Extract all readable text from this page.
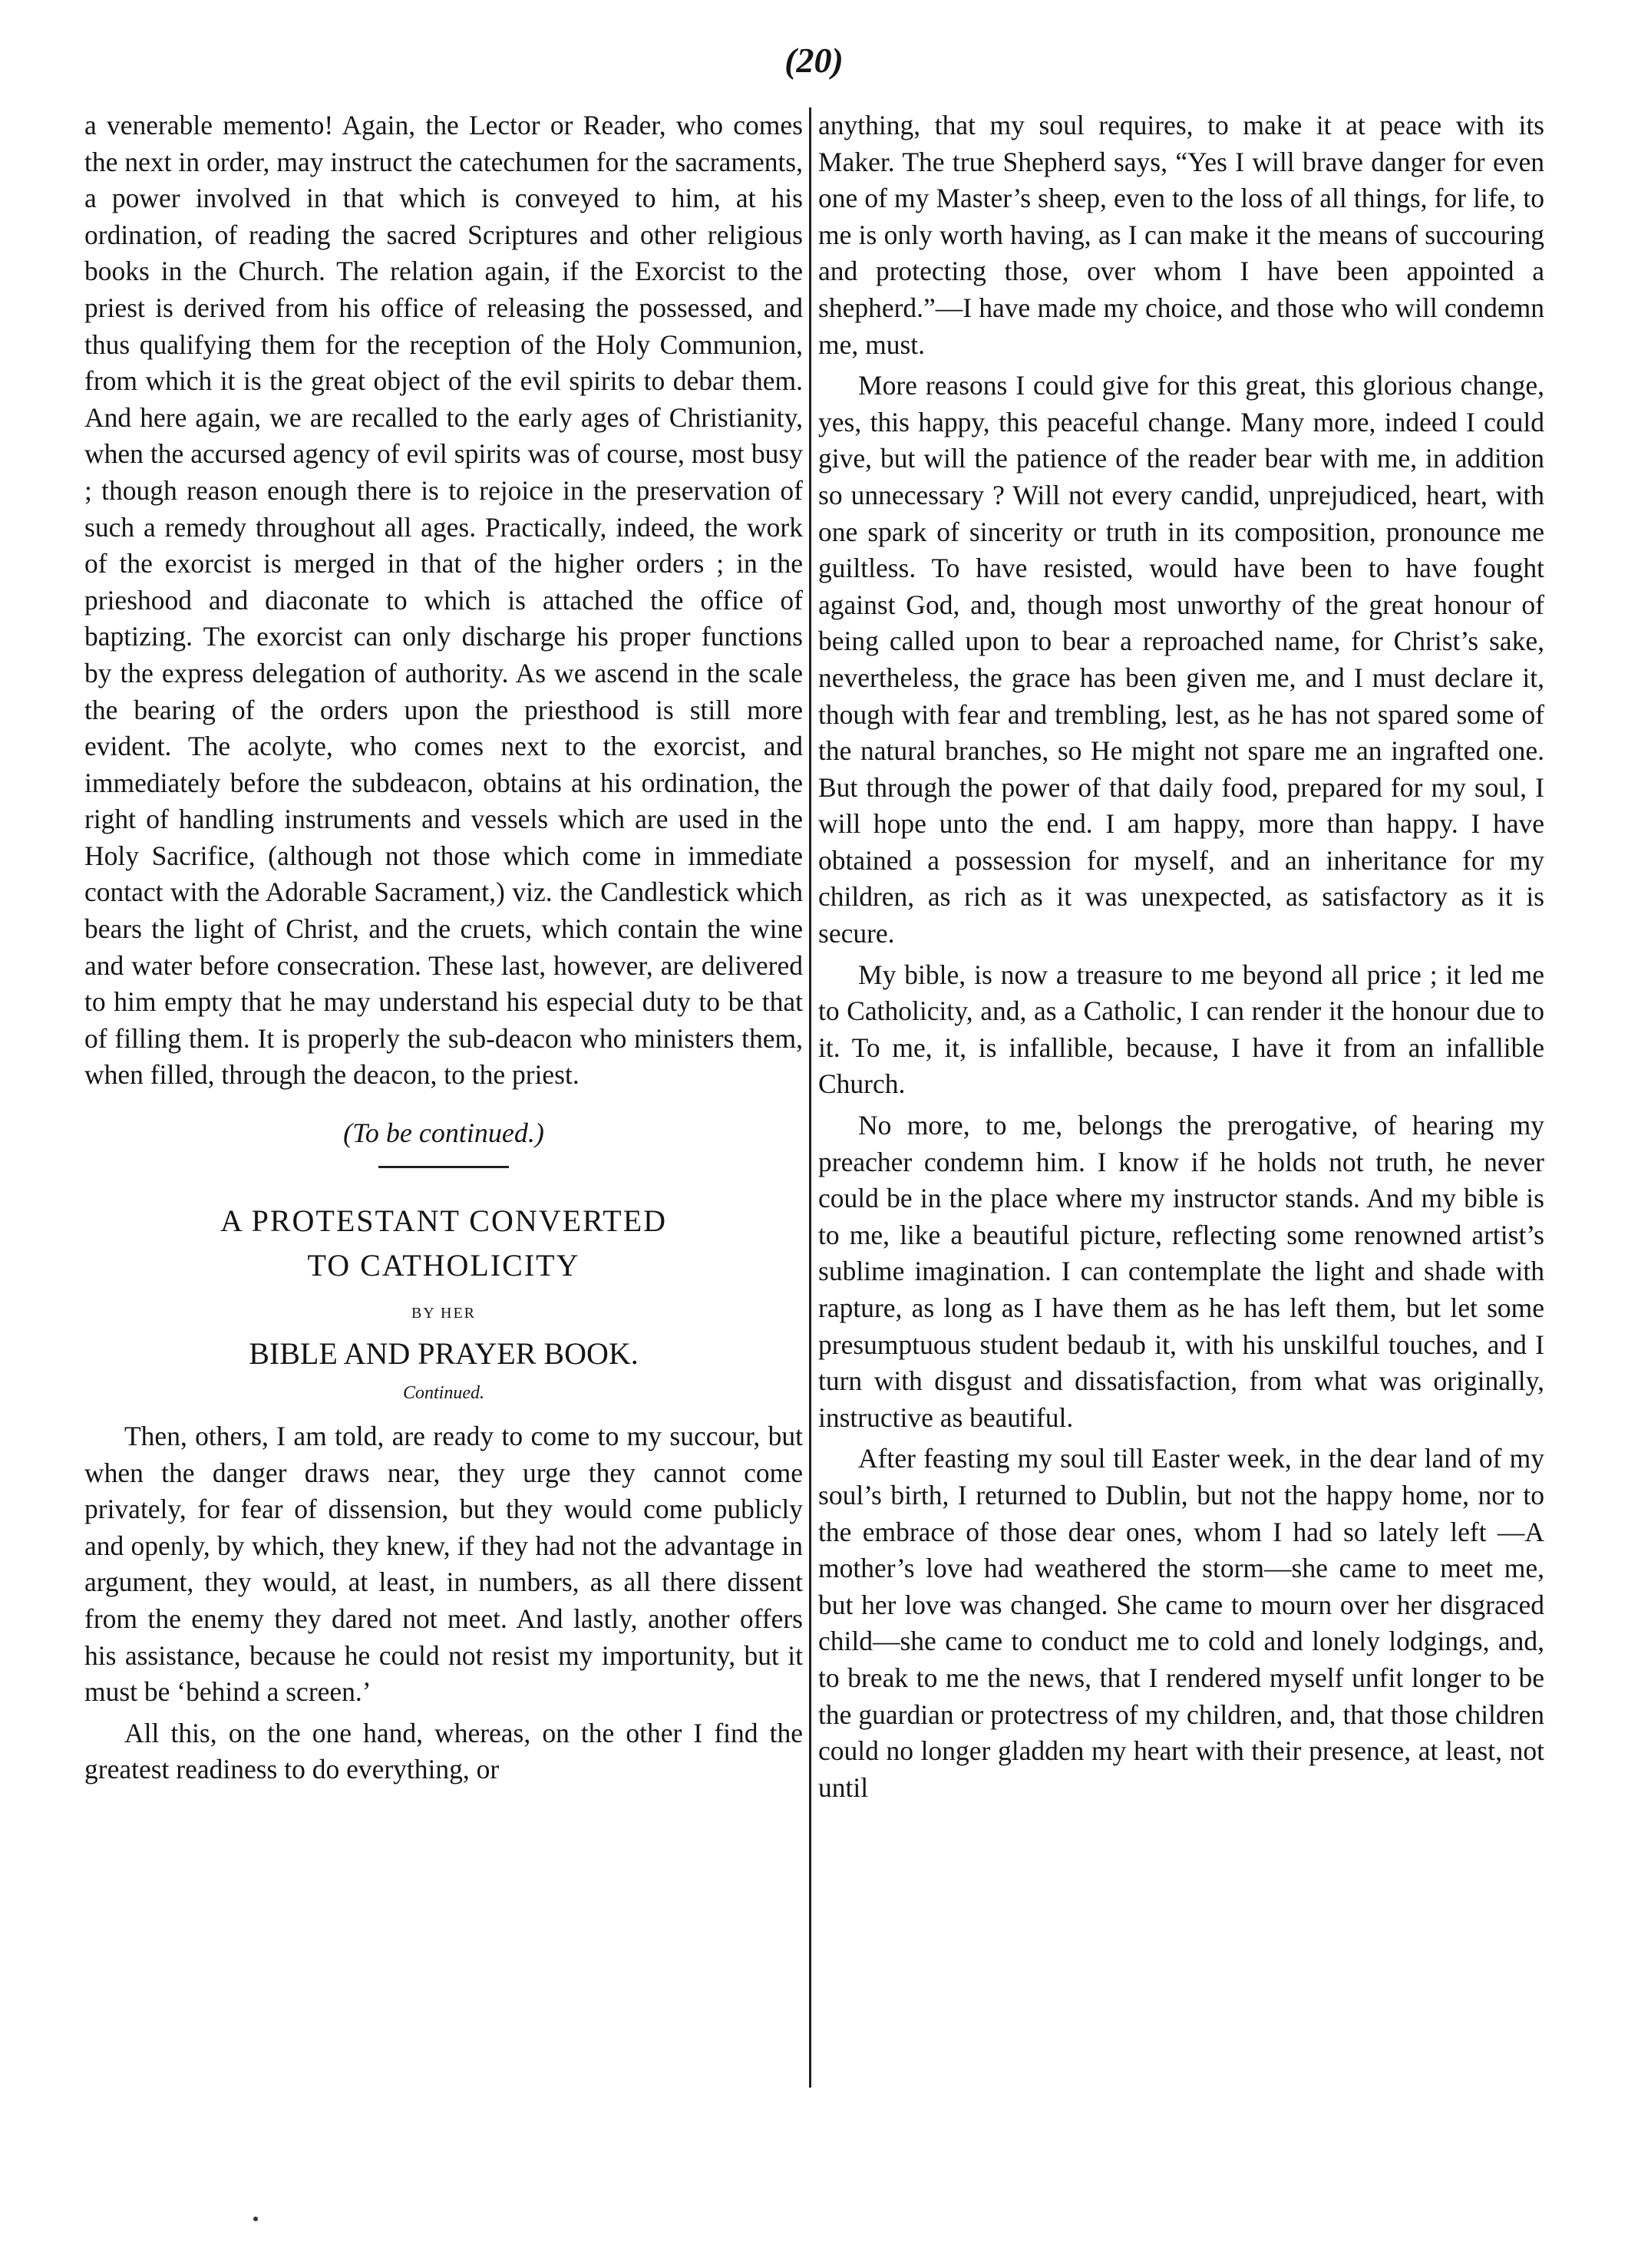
(20)

a venerable memento! Again, the Lector or Reader, who comes the next in order, may instruct the catechumen for the sacraments, a power involved in that which is conveyed to him, at his ordination, of reading the sacred Scriptures and other religious books in the Church. The relation again, if the Exorcist to the priest is derived from his office of releasing the possessed, and thus qualifying them for the reception of the Holy Communion, from which it is the great object of the evil spirits to debar them. And here again, we are recalled to the early ages of Christianity, when the accursed agency of evil spirits was of course, most busy ; though reason enough there is to rejoice in the preservation of such a remedy throughout all ages. Practically, indeed, the work of the exorcist is merged in that of the higher orders ; in the prieshood and diaconate to which is attached the office of baptizing. The exorcist can only discharge his proper functions by the express delegation of authority. As we ascend in the scale the bearing of the orders upon the priesthood is still more evident. The acolyte, who comes next to the exorcist, and immediately before the subdeacon, obtains at his ordination, the right of handling instruments and vessels which are used in the Holy Sacrifice, (although not those which come in immediate contact with the Adorable Sacrament,) viz. the Candlestick which bears the light of Christ, and the cruets, which contain the wine and water before consecration. These last, however, are delivered to him empty that he may understand his especial duty to be that of filling them. It is properly the sub-deacon who ministers them, when filled, through the deacon, to the priest.

(To be continued.)
A PROTESTANT CONVERTED
TO CATHOLICITY
BY HER
BIBLE AND PRAYER BOOK.
Continued.

Then, others, I am told, are ready to come to my succour, but when the danger draws near, they urge they cannot come privately, for fear of dissension, but they would come publicly and openly, by which, they knew, if they had not the advantage in argument, they would, at least, in numbers, as all there dissent from the enemy they dared not meet. And lastly, another offers his assistance, because he could not resist my importunity, but it must be ‘behind a screen.’

All this, on the one hand, whereas, on the other I find the greatest readiness to do everything, or

anything, that my soul requires, to make it at peace with its Maker. The true Shepherd says, “Yes I will brave danger for even one of my Master’s sheep, even to the loss of all things, for life, to me is only worth having, as I can make it the means of succouring and protecting those, over whom I have been appointed a shepherd.”—I have made my choice, and those who will condemn me, must.

More reasons I could give for this great, this glorious change, yes, this happy, this peaceful change. Many more, indeed I could give, but will the patience of the reader bear with me, in addition so unnecessary ? Will not every candid, unprejudiced, heart, with one spark of sincerity or truth in its composition, pronounce me guiltless. To have resisted, would have been to have fought against God, and, though most unworthy of the great honour of being called upon to bear a reproached name, for Christ’s sake, nevertheless, the grace has been given me, and I must declare it, though with fear and trembling, lest, as he has not spared some of the natural branches, so He might not spare me an ingrafted one. But through the power of that daily food, prepared for my soul, I will hope unto the end. I am happy, more than happy. I have obtained a possession for myself, and an inheritance for my children, as rich as it was unexpected, as satisfactory as it is secure.

My bible, is now a treasure to me beyond all price ; it led me to Catholicity, and, as a Catholic, I can render it the honour due to it. To me, it, is infallible, because, I have it from an infallible Church.

No more, to me, belongs the prerogative, of hearing my preacher condemn him. I know if he holds not truth, he never could be in the place where my instructor stands. And my bible is to me, like a beautiful picture, reflecting some renowned artist’s sublime imagination. I can contemplate the light and shade with rapture, as long as I have them as he has left them, but let some presumptuous student bedaub it, with his unskilful touches, and I turn with disgust and dissatisfaction, from what was originally, instructive as beautiful.

After feasting my soul till Easter week, in the dear land of my soul’s birth, I returned to Dublin, but not the happy home, nor to the embrace of those dear ones, whom I had so lately left —A mother’s love had weathered the storm—she came to meet me, but her love was changed. She came to mourn over her disgraced child—she came to conduct me to cold and lonely lodgings, and, to break to me the news, that I rendered myself unfit longer to be the guardian or protectress of my children, and, that those children could no longer gladden my heart with their presence, at least, not until
